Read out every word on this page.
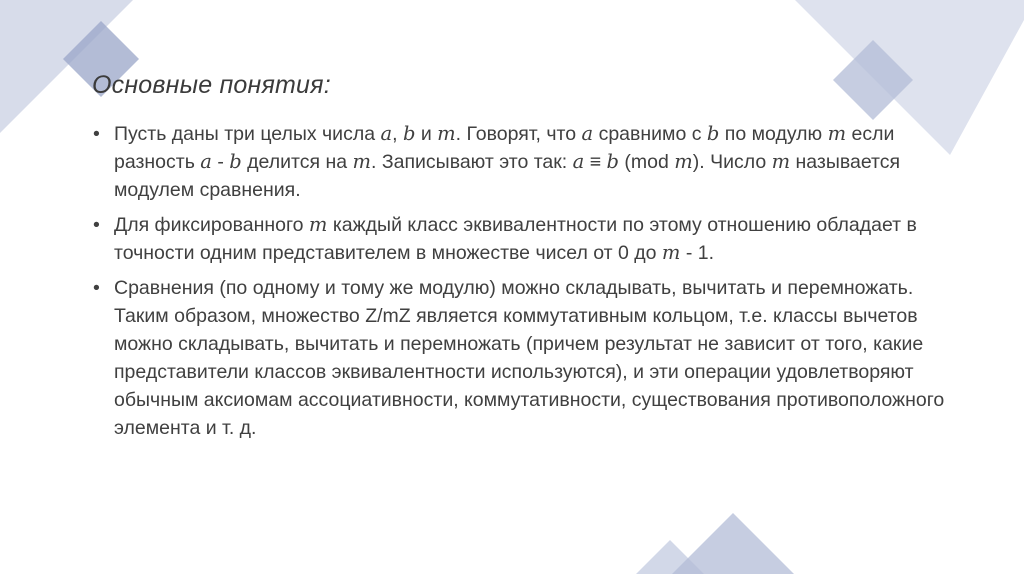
Основные понятия:
• Пусть даны три целых числа a, b и m. Говорят, что a сравнимо с b по модулю m если разность a - b делится на m. Записывают это так: a ≡ b (mod m). Число m называется модулем сравнения.
• Для фиксированного m каждый класс эквивалентности по этому отношению обладает в точности одним представителем в множестве чисел от 0 до m - 1.
• Сравнения (по одному и тому же модулю) можно складывать, вычитать и перемножать. Таким образом, множество Z/mZ является коммутативным кольцом, т.е. классы вычетов можно складывать, вычитать и перемножать (причем результат не зависит от того, какие представители классов эквивалентности используются), и эти операции удовлетворяют обычным аксиомам ассоциативности, коммутативности, существования противоположного элемента и т. д.
